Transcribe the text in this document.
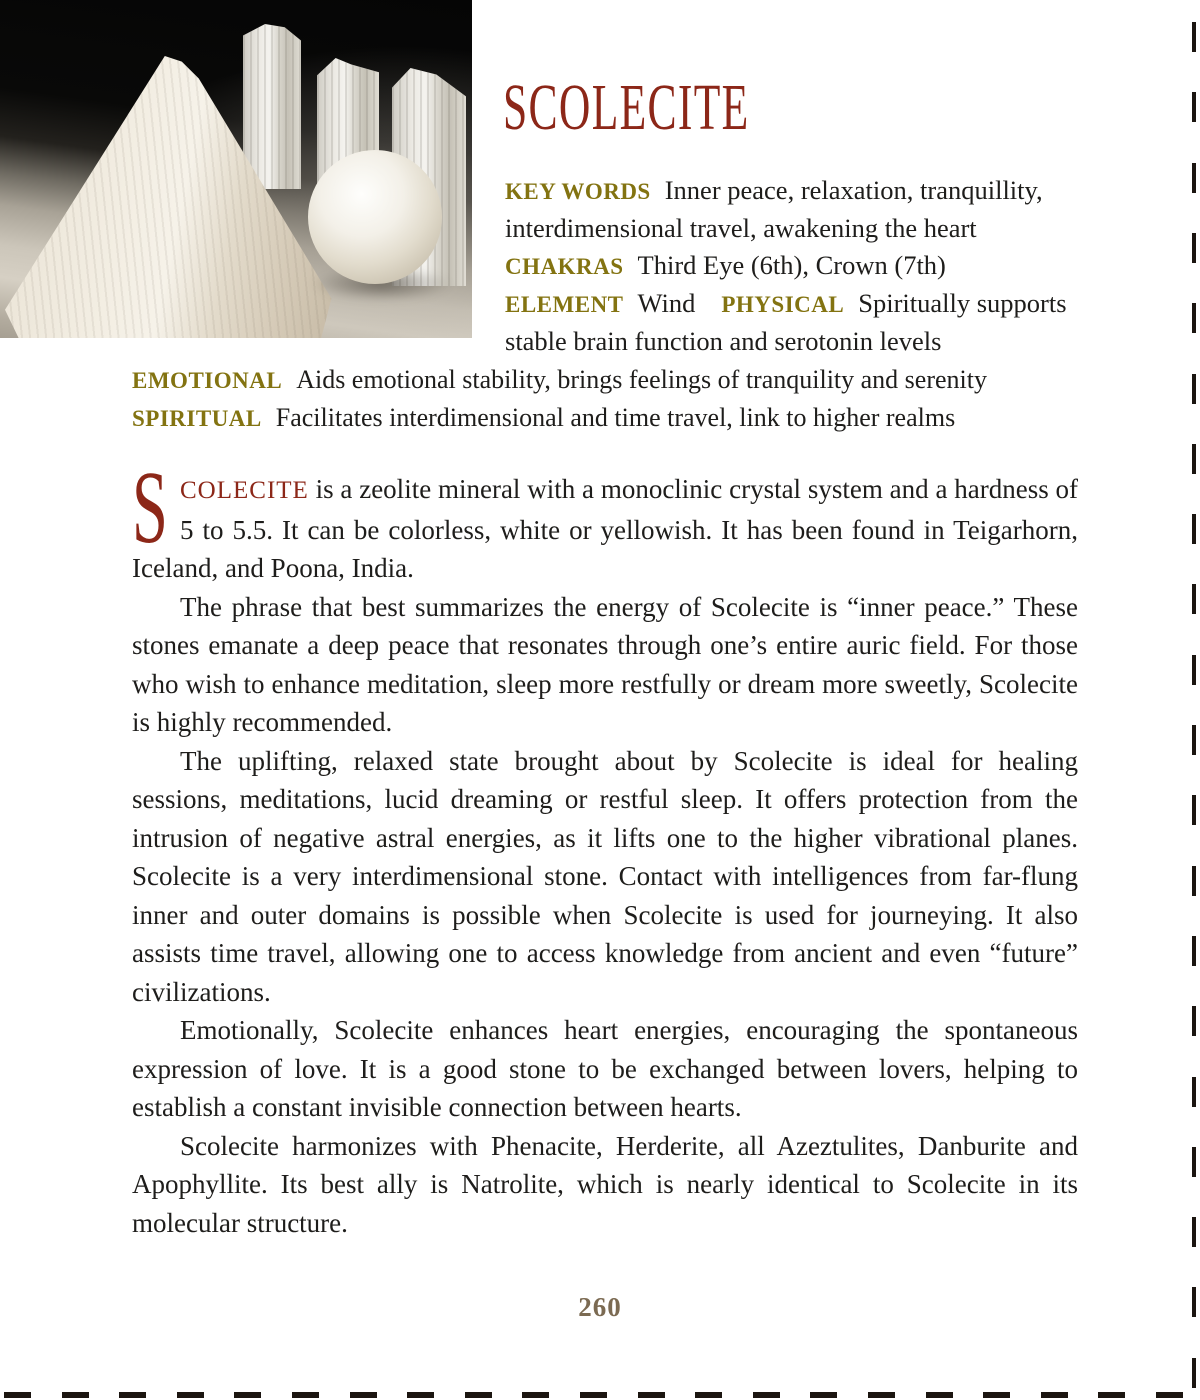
SCOLECITE
KEY WORDS Inner peace, relaxation, tranquillity, interdimensional travel, awakening the heart
CHAKRAS Third Eye (6th), Crown (7th)
ELEMENT Wind PHYSICAL Spiritually supports stable brain function and serotonin levels
EMOTIONAL Aids emotional stability, brings feelings of tranquility and serenity
SPIRITUAL Facilitates interdimensional and time travel, link to higher realms

SCOLECITE is a zeolite mineral with a monoclinic crystal system and a hardness of 5 to 5.5. It can be colorless, white or yellowish. It has been found in Teigarhorn, Iceland, and Poona, India.

The phrase that best summarizes the energy of Scolecite is “inner peace.” These stones emanate a deep peace that resonates through one’s entire auric field. For those who wish to enhance meditation, sleep more restfully or dream more sweetly, Scolecite is highly recommended.

The uplifting, relaxed state brought about by Scolecite is ideal for healing sessions, meditations, lucid dreaming or restful sleep. It offers protection from the intrusion of negative astral energies, as it lifts one to the higher vibrational planes. Scolecite is a very interdimensional stone. Contact with intelligences from far-flung inner and outer domains is possible when Scolecite is used for journeying. It also assists time travel, allowing one to access knowledge from ancient and even “future” civilizations.

Emotionally, Scolecite enhances heart energies, encouraging the spontaneous expression of love. It is a good stone to be exchanged between lovers, helping to establish a constant invisible connection between hearts.

Scolecite harmonizes with Phenacite, Herderite, all Azeztulites, Danburite and Apophyllite. Its best ally is Natrolite, which is nearly identical to Scolecite in its molecular structure.

260
